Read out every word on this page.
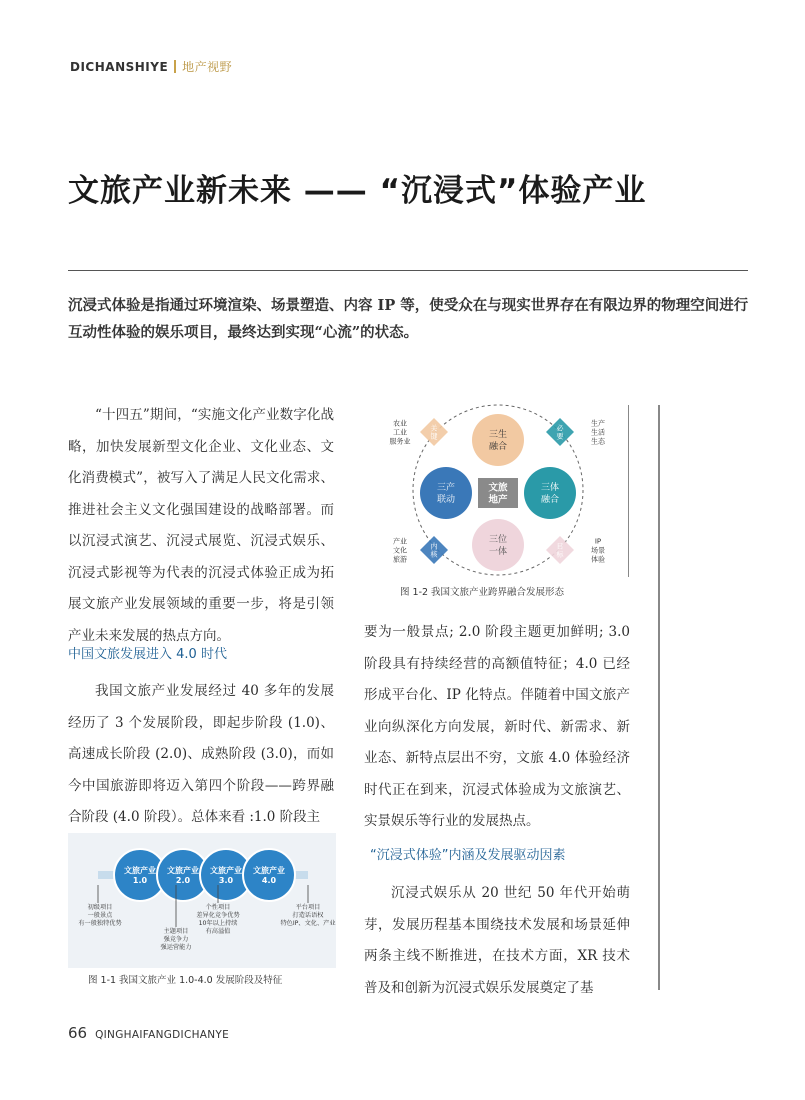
DICHANSHIYE 地产视野
文旅产业新未来 —— “沉浸式”体验产业
沉浸式体验是指通过环境渲染、场景塑造、内容 IP 等，使受众在与现实世界存在有限边界的物理空间进行互动性体验的娱乐项目，最终达到实现“心流”的状态。

“十四五”期间，“实施文化产业数字化战略，加快发展新型文化企业、文化业态、文化消费模式”，被写入了满足人民文化需求、推进社会主义文化强国建设的战略部署。而以沉浸式演艺、沉浸式展览、沉浸式娱乐、沉浸式影视等为代表的沉浸式体验正成为拓展文旅产业发展领域的重要一步，将是引领产业未来发展的热点方向。

中国文旅发展进入 4.0 时代

我国文旅产业发展经过 40 多年的发展经历了 3 个发展阶段，即起步阶段 (1.0)、高速成长阶段 (2.0)、成熟阶段 (3.0)，而如今中国旅游即将迈入第四个阶段——跨界融合阶段 (4.0 阶段）。总体来看 :1.0 阶段主

文旅产业 1.0
文旅产业 2.0
文旅产业 3.0
文旅产业 4.0
初级项目一般景点有一般独特优势
主题项目强竞争力强运营能力
个性项目差异化竞争优势 10年以上持续有高溢值
平台项目打造话语权特色IP、文化、产业
图 1-1 我国文旅产业 1.0-4.0 发展阶段及特征
三生融合
三产联动
三体融合
三位一体
文旅地产
关键
必要
内核
目标
农业工业服务业
生产生活生态
产业文化旅游
IP 场景体验
图 1-2 我国文旅产业跨界融合发展形态

要为一般景点; 2.0 阶段主题更加鲜明; 3.0阶段具有持续经营的高额值特征；4.0 已经形成平台化、IP 化特点。伴随着中国文旅产业向纵深化方向发展，新时代、新需求、新业态、新特点层出不穷，文旅 4.0 体验经济时代正在到来，沉浸式体验成为文旅演艺、实景娱乐等行业的发展热点。

“沉浸式体验”内涵及发展驱动因素

沉浸式娱乐从 20 世纪 50 年代开始萌芽，发展历程基本围绕技术发展和场景延伸两条主线不断推进，在技术方面，XR 技术普及和创新为沉浸式娱乐发展奠定了基

66 QINGHAIFANGDICHANYE
